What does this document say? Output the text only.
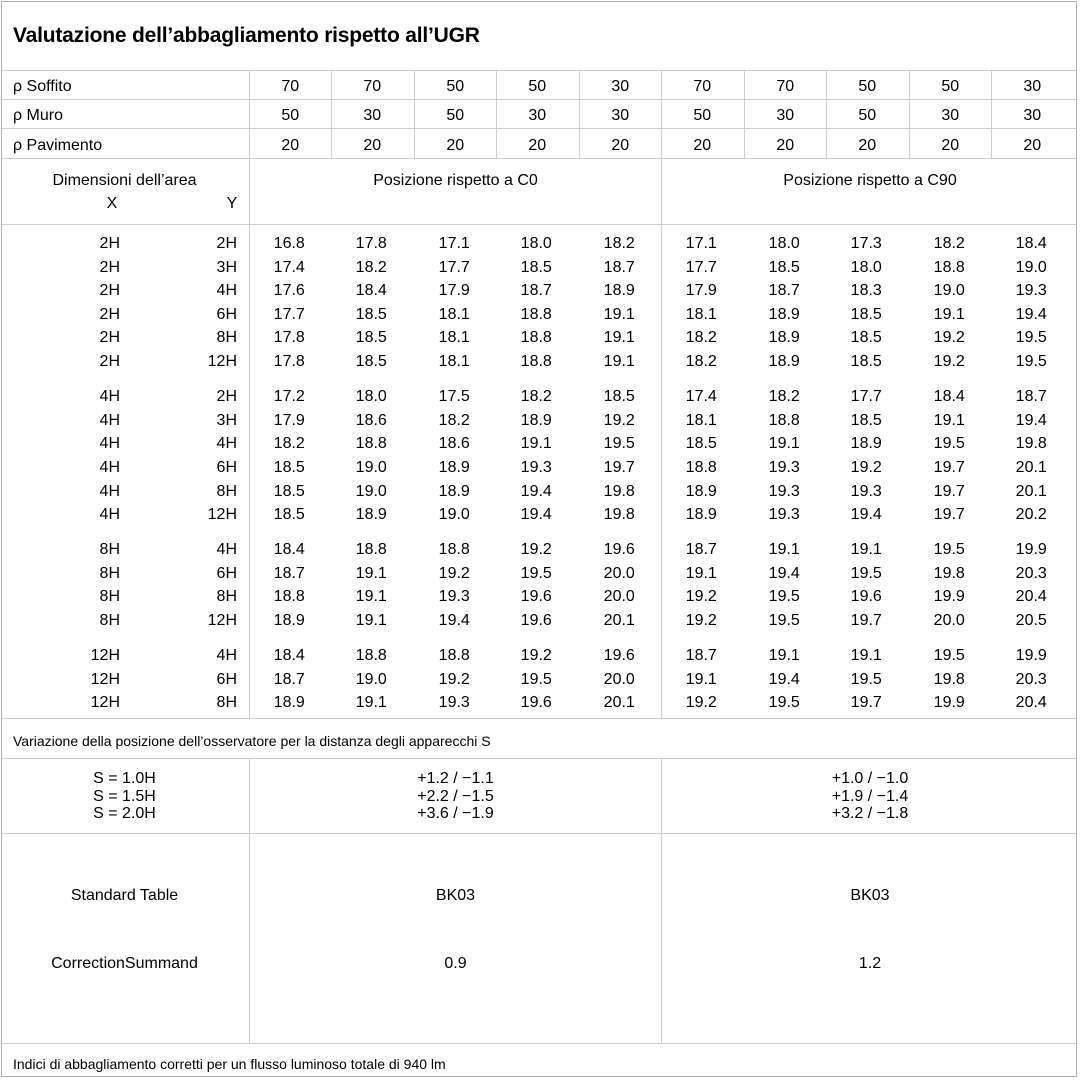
Valutazione dell’abbagliamento rispetto all’UGR
ρ Soffito	70	70	50	50	30	70	70	50	50	30
ρ Muro	50	30	50	30	30	50	30	50	30	30
ρ Pavimento	20	20	20	20	20	20	20	20	20	20
Dimensioni dell’area
X	Y
Posizione rispetto a C0	Posizione rispetto a C90
2H	2H	16.8	17.8	17.1	18.0	18.2	17.1	18.0	17.3	18.2	18.4
2H	3H	17.4	18.2	17.7	18.5	18.7	17.7	18.5	18.0	18.8	19.0
2H	4H	17.6	18.4	17.9	18.7	18.9	17.9	18.7	18.3	19.0	19.3
2H	6H	17.7	18.5	18.1	18.8	19.1	18.1	18.9	18.5	19.1	19.4
2H	8H	17.8	18.5	18.1	18.8	19.1	18.2	18.9	18.5	19.2	19.5
2H	12H	17.8	18.5	18.1	18.8	19.1	18.2	18.9	18.5	19.2	19.5
4H	2H	17.2	18.0	17.5	18.2	18.5	17.4	18.2	17.7	18.4	18.7
4H	3H	17.9	18.6	18.2	18.9	19.2	18.1	18.8	18.5	19.1	19.4
4H	4H	18.2	18.8	18.6	19.1	19.5	18.5	19.1	18.9	19.5	19.8
4H	6H	18.5	19.0	18.9	19.3	19.7	18.8	19.3	19.2	19.7	20.1
4H	8H	18.5	19.0	18.9	19.4	19.8	18.9	19.3	19.3	19.7	20.1
4H	12H	18.5	18.9	19.0	19.4	19.8	18.9	19.3	19.4	19.7	20.2
8H	4H	18.4	18.8	18.8	19.2	19.6	18.7	19.1	19.1	19.5	19.9
8H	6H	18.7	19.1	19.2	19.5	20.0	19.1	19.4	19.5	19.8	20.3
8H	8H	18.8	19.1	19.3	19.6	20.0	19.2	19.5	19.6	19.9	20.4
8H	12H	18.9	19.1	19.4	19.6	20.1	19.2	19.5	19.7	20.0	20.5
12H	4H	18.4	18.8	18.8	19.2	19.6	18.7	19.1	19.1	19.5	19.9
12H	6H	18.7	19.0	19.2	19.5	20.0	19.1	19.4	19.5	19.8	20.3
12H	8H	18.9	19.1	19.3	19.6	20.1	19.2	19.5	19.7	19.9	20.4
Variazione della posizione dell’osservatore per la distanza degli apparecchi S
S = 1.0H	+1.2 / −1.1	+1.0 / −1.0
S = 1.5H	+2.2 / −1.5	+1.9 / −1.4
S = 2.0H	+3.6 / −1.9	+3.2 / −1.8
Standard Table	BK03	BK03
CorrectionSummand	0.9	1.2
Indici di abbagliamento corretti per un flusso luminoso totale di 940 lm
